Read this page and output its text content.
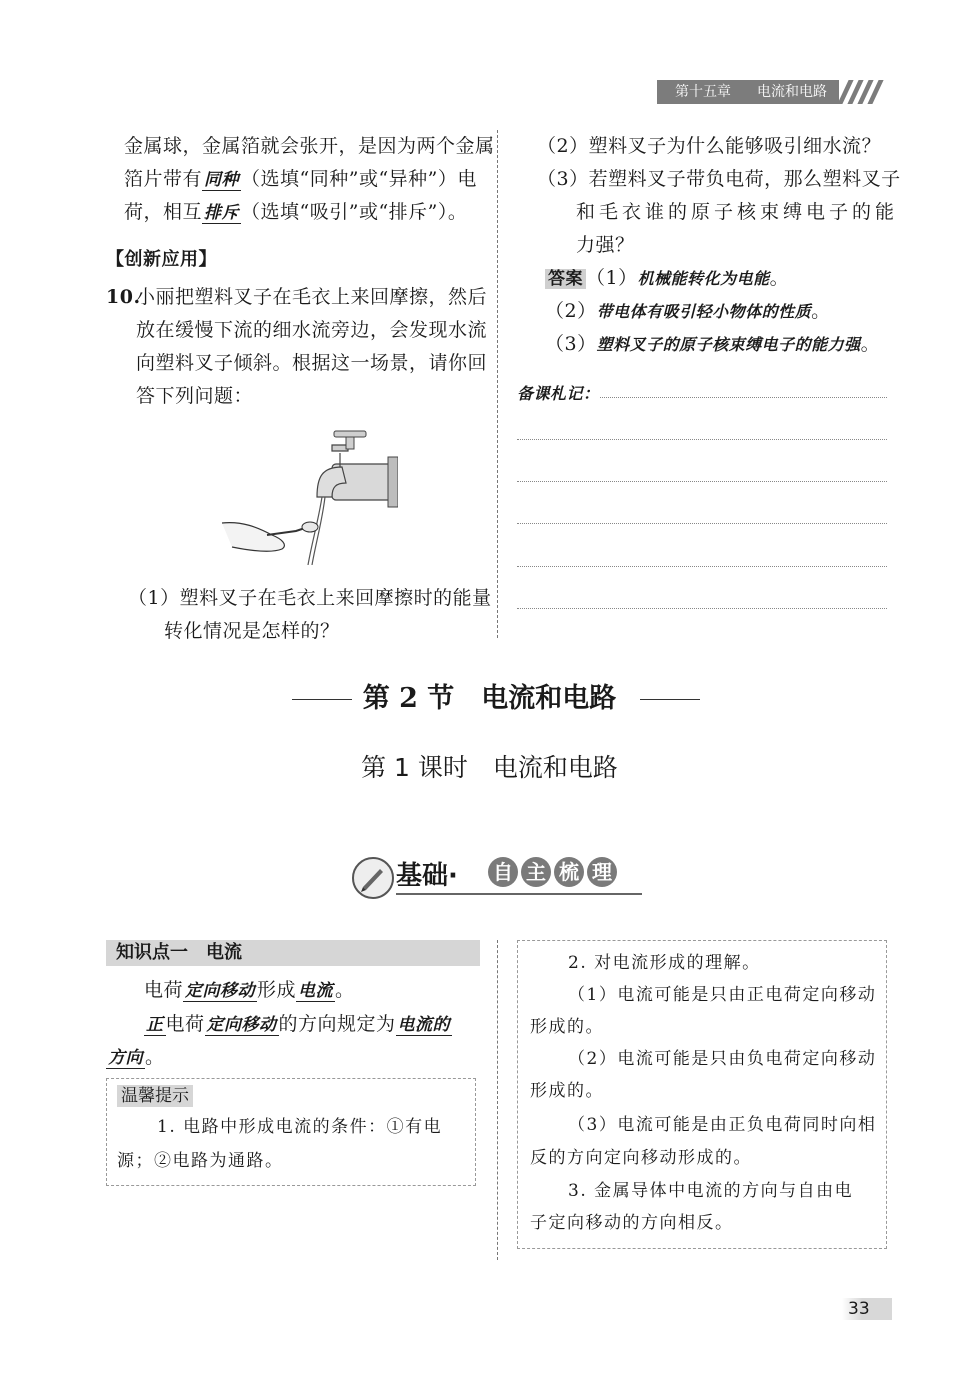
第十五章 电流和电路
金属球，金属箔就会张开，是因为两个金属
箔片带有 同种 （选填“同种”或“异种”）电
荷，相互 排斥 （选填“吸引”或“排斥”）。
【创新应用】
10.
小丽把塑料叉子在毛衣上来回摩擦，然后
放在缓慢下流的细水流旁边，会发现水流
向塑料叉子倾斜。根据这一场景，请你回
答下列问题：
（1）塑料叉子在毛衣上来回摩擦时的能量
转化情况是怎样的？
（2）塑料叉子为什么能够吸引细水流？
（3）若塑料叉子带负电荷，那么塑料叉子
和毛衣谁的原子核束缚电子的能
力强？
答案 （1）机械能转化为电能。
（2）带电体有吸引轻小物体的性质。
（3）塑料叉子的原子核束缚电子的能力强。
备课札记：
第 2 节　电流和电路
第 1 课时　电流和电路
基础· 自 主 梳 理
知识点一　电流
电荷 定向移动 形成 电流 。
正 电荷 定向移动 的方向规定为 电流的
方向 。
温馨提示
1. 电路中形成电流的条件：①有电
源；②电路为通路。
2. 对电流形成的理解。
（1）电流可能是只由正电荷定向移动
形成的。
（2）电流可能是只由负电荷定向移动
形成的。
（3）电流可能是由正负电荷同时向相
反的方向定向移动形成的。
3. 金属导体中电流的方向与自由电
子定向移动的方向相反。
33
